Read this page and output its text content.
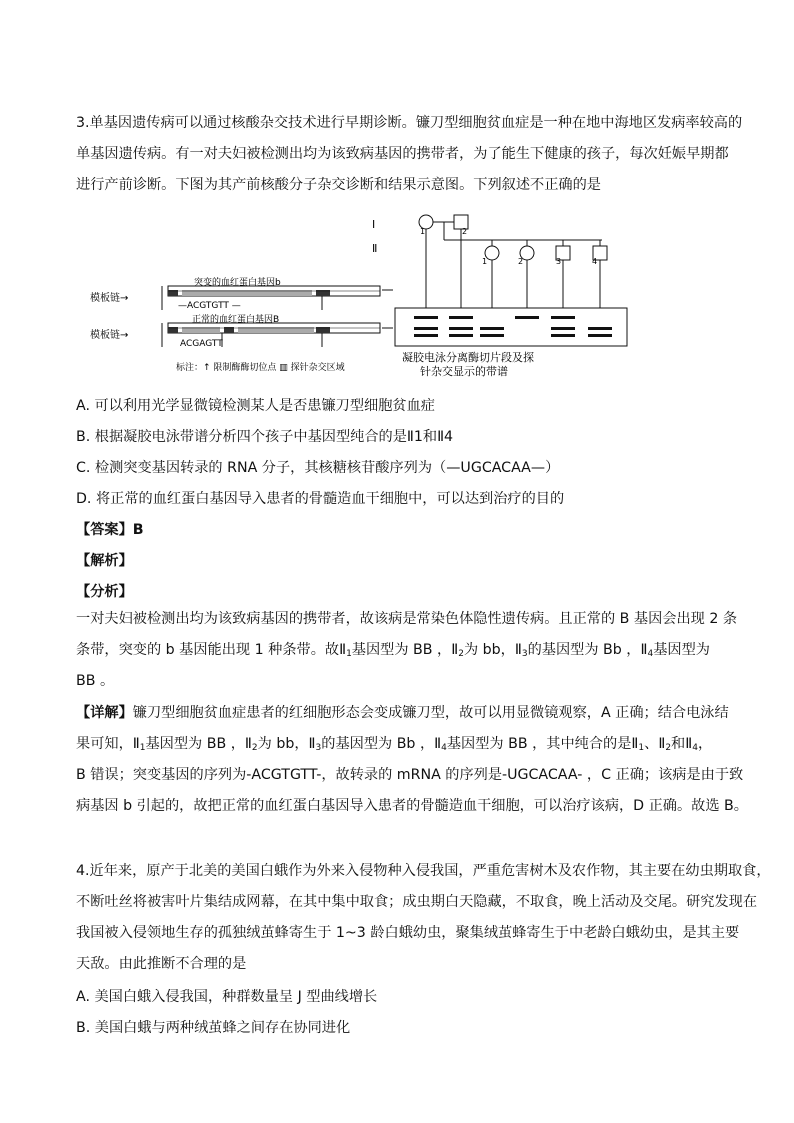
3.单基因遗传病可以通过核酸杂交技术进行早期诊断。镰刀型细胞贫血症是一种在地中海地区发病率较高的
单基因遗传病。有一对夫妇被检测出均为该致病基因的携带者，为了能生下健康的孩子，每次妊娠早期都
进行产前诊断。下图为其产前核酸分子杂交诊断和结果示意图。下列叙述不正确的是
Ⅰ
Ⅱ
1	2
1	2	3	4
凝胶电泳分离酶切片段及探
针杂交显示的带谱
突变的血红蛋白基因b
正常的血红蛋白基因B
模板链→
—ACGTGTT —
模板链→
ACGAGTT
标注：↑ 限制酶酶切位点 ▥ 探针杂交区域
A. 可以利用光学显微镜检测某人是否患镰刀型细胞贫血症
B. 根据凝胶电泳带谱分析四个孩子中基因型纯合的是Ⅱ1和Ⅱ4
C. 检测突变基因转录的 RNA 分子，其核糖核苷酸序列为（—UGCACAA—）
D. 将正常的血红蛋白基因导入患者的骨髓造血干细胞中，可以达到治疗的目的
【答案】B
【解析】
【分析】
一对夫妇被检测出均为该致病基因的携带者，故该病是常染色体隐性遗传病。且正常的 B 基因会出现 2 条
条带，突变的 b 基因能出现 1 种条带。故$Ⅱ_1$基因型为 BB ，$Ⅱ_2$为 bb，$Ⅱ_3$的基因型为 Bb ，$Ⅱ_4$基因型为
BB 。
【详解】镰刀型细胞贫血症患者的红细胞形态会变成镰刀型，故可以用显微镜观察，A 正确；结合电泳结
果可知，$Ⅱ_1$基因型为 BB ，$Ⅱ_2$为 bb，$Ⅱ_3$的基因型为 Bb ，$Ⅱ_4$基因型为 BB ，其中纯合的是$Ⅱ_1$、$Ⅱ_2$和$Ⅱ_4$，
B 错误；突变基因的序列为-ACGTGTT-，故转录的 mRNA 的序列是-UGCACAA- ，C 正确；该病是由于致
病基因 b 引起的，故把正常的血红蛋白基因导入患者的骨髓造血干细胞，可以治疗该病，D 正确。故选 B。
4.近年来，原产于北美的美国白蛾作为外来入侵物种入侵我国，严重危害树木及农作物，其主要在幼虫期取食，
不断吐丝将被害叶片集结成网幕，在其中集中取食；成虫期白天隐藏，不取食，晚上活动及交尾。研究发现在
我国被入侵领地生存的孤独绒茧蜂寄生于 1~3 龄白蛾幼虫，聚集绒茧蜂寄生于中老龄白蛾幼虫，是其主要
天敌。由此推断不合理的是
A. 美国白蛾入侵我国，种群数量呈 J 型曲线增长
B. 美国白蛾与两种绒茧蜂之间存在协同进化
